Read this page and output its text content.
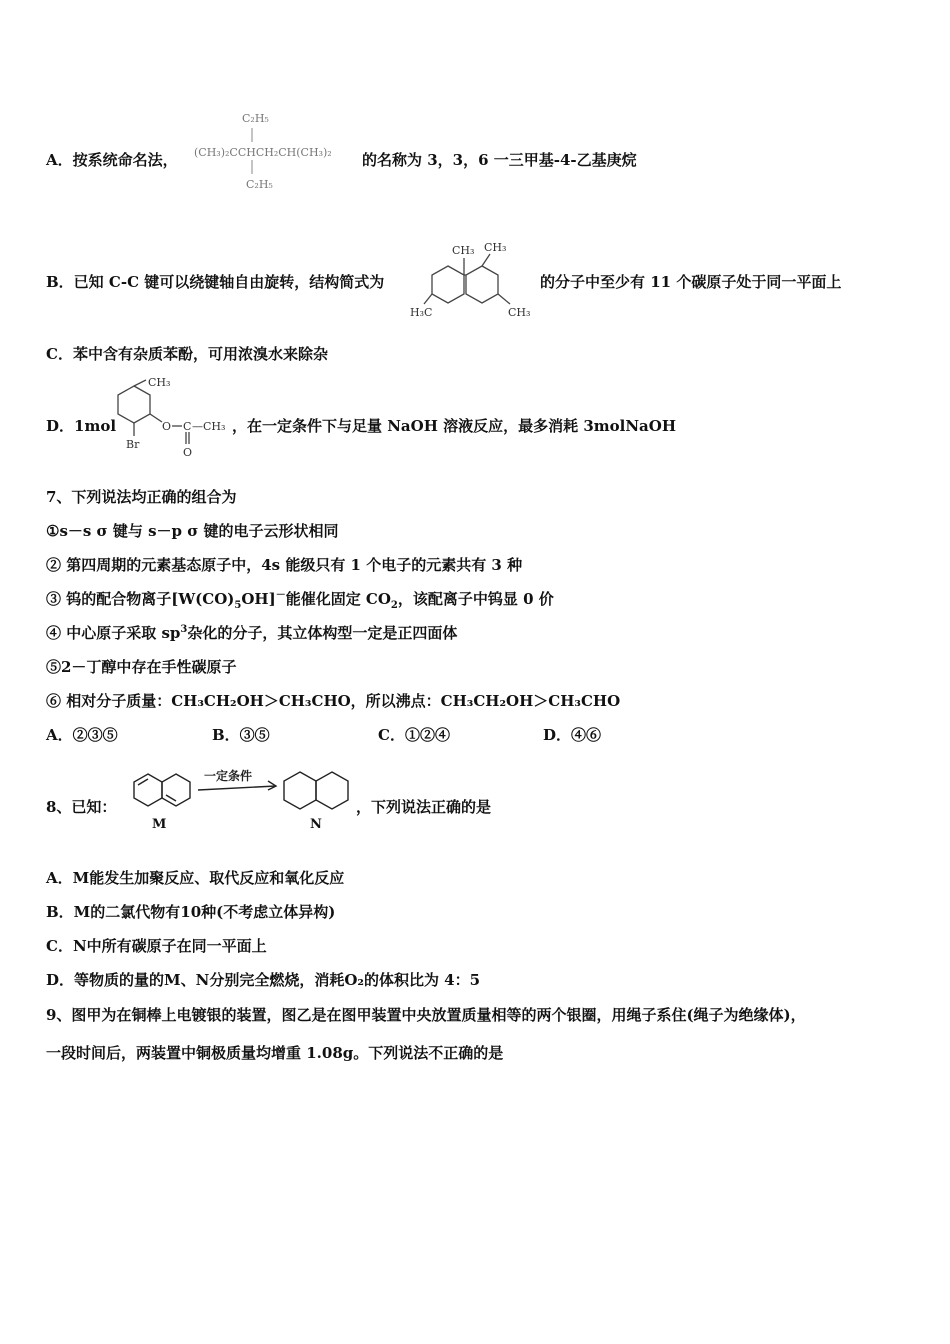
A．按系统命名法，
C₂H₅
(CH₃)₂CCHCH₂CH(CH₃)₂
C₂H₅
的名称为 3，3，6 一三甲基-4-乙基庚烷
B．已知 C-C 键可以绕键轴自由旋转，结构简式为
CH₃ CH₃
H₃C	CH₃
的分子中至少有 11 个碳原子处于同一平面上
C．苯中含有杂质苯酚，可用浓溴水来除杂
D．1mol
CH₃
O C —CH₃
Br
O
，在一定条件下与足量 NaOH 溶液反应，最多消耗 3molNaOH
7、下列说法均正确的组合为
①s－s σ 键与 s－p σ 键的电子云形状相同
② 第四周期的元素基态原子中，4s 能级只有 1 个电子的元素共有 3 种
③ 钨的配合物离子$[W(CO)_5OH]^-$能催化固定 $CO_2$，该配离子中钨显 0 价
④ 中心原子采取 $sp^3$杂化的分子，其立体构型一定是正四面体
⑤2－丁醇中存在手性碳原子
⑥ 相对分子质量：CH₃CH₂OH＞CH₃CHO，所以沸点：CH₃CH₂OH＞CH₃CHO
A．②③⑤	B．③⑤	C．①②④	D．④⑥
8、已知：
一定条件
M	N
，下列说法正确的是
A．M能发生加聚反应、取代反应和氧化反应
B．M的二氯代物有10种(不考虑立体异构)
C．N中所有碳原子在同一平面上
D．等物质的量的M、N分别完全燃烧，消耗O₂的体积比为 4：5
9、图甲为在铜棒上电镀银的装置，图乙是在图甲装置中央放置质量相等的两个银圈，用绳子系住(绳子为绝缘体)，
一段时间后，两装置中铜极质量均增重 1.08g。下列说法不正确的是
